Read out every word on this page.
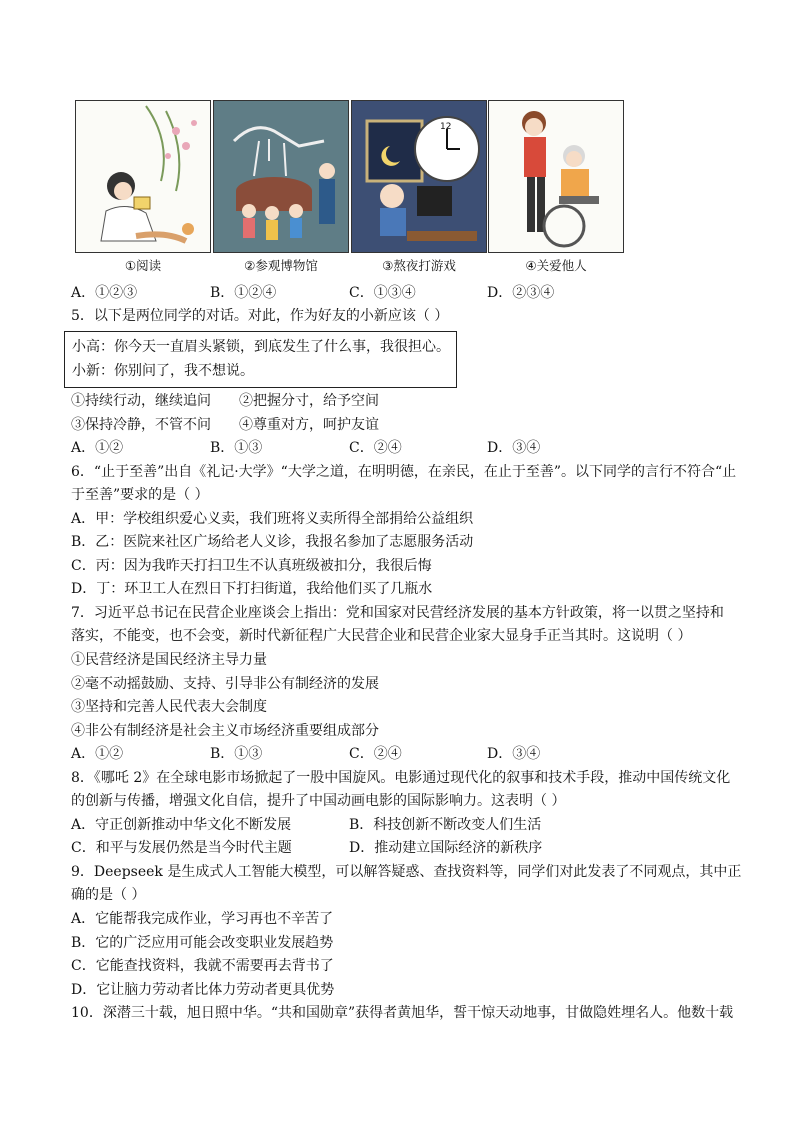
12
①阅读	②参观博物馆	③熬夜打游戏	④关爱他人
A．①②③	B．①②④	C．①③④	D．②③④
5．以下是两位同学的对话。对此，作为好友的小新应该（ ）
小高：你今天一直眉头紧锁，到底发生了什么事，我很担心。
小新：你别问了，我不想说。
①持续行动，继续追问 ②把握分寸，给予空间
③保持冷静，不管不问 ④尊重对方，呵护友谊
A．①②	B．①③	C．②④	D．③④
6．“止于至善”出自《礼记·大学》“大学之道，在明明德，在亲民，在止于至善”。以下同学的言行不符合“止
于至善”要求的是（ ）
A．甲：学校组织爱心义卖，我们班将义卖所得全部捐给公益组织
B．乙：医院来社区广场给老人义诊，我报名参加了志愿服务活动
C．丙：因为我昨天打扫卫生不认真班级被扣分，我很后悔
D．丁：环卫工人在烈日下打扫街道，我给他们买了几瓶水
7．习近平总书记在民营企业座谈会上指出：党和国家对民营经济发展的基本方针政策，将一以贯之坚持和
落实，不能变，也不会变，新时代新征程广大民营企业和民营企业家大显身手正当其时。这说明（ ）
①民营经济是国民经济主导力量
②毫不动摇鼓励、支持、引导非公有制经济的发展
③坚持和完善人民代表大会制度
④非公有制经济是社会主义市场经济重要组成部分
A．①②	B．①③	C．②④	D．③④
8．《哪吒 2》在全球电影市场掀起了一股中国旋风。电影通过现代化的叙事和技术手段，推动中国传统文化
的创新与传播，增强文化自信，提升了中国动画电影的国际影响力。这表明（ ）
A．守正创新推动中华文化不断发展	B．科技创新不断改变人们生活
C．和平与发展仍然是当今时代主题	D．推动建立国际经济的新秩序
9．Deepseek 是生成式人工智能大模型，可以解答疑惑、查找资料等，同学们对此发表了不同观点，其中正
确的是（ ）
A．它能帮我完成作业，学习再也不辛苦了
B．它的广泛应用可能会改变职业发展趋势
C．它能查找资料，我就不需要再去背书了
D．它让脑力劳动者比体力劳动者更具优势
10．深潜三十载，旭日照中华。“共和国勋章”获得者黄旭华，誓干惊天动地事，甘做隐姓埋名人。他数十载
